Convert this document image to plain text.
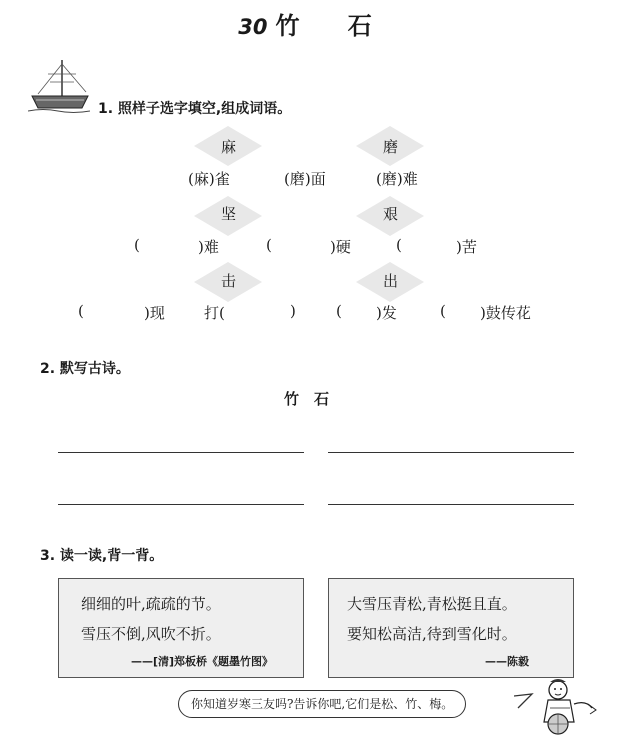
30 竹 石
1. 照样子选字填空,组成词语。
麻	磨
(麻)雀	(磨)面	(磨)难
坚	艰
(	)难	(	)硬	(	)苦
击	出
(	)现	打(	)	( )发	( )鼓传花
2. 默写古诗。
竹　石
3. 读一读,背一背。
细细的叶,疏疏的节。
雪压不倒,风吹不折。
——[清]郑板桥《题墨竹图》
大雪压青松,青松挺且直。
要知松高洁,待到雪化时。
——陈毅
你知道岁寒三友吗?告诉你吧,它们是松、竹、梅。
